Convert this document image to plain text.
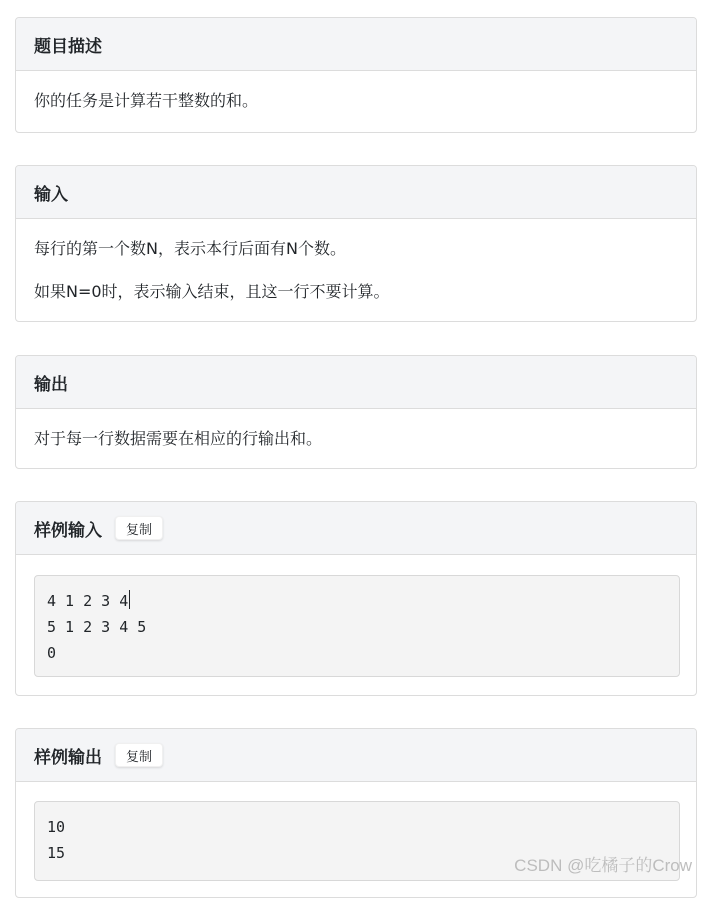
题目描述
你的任务是计算若干整数的和。
输入
每行的第一个数N，表示本行后面有N个数。
如果N=0时，表示输入结束，且这一行不要计算。
输出
对于每一行数据需要在相应的行输出和。
样例输入	复制
4 1 2 3 4
5 1 2 3 4 5
0
样例输出	复制
10
15
CSDN @吃橘子的Crow
